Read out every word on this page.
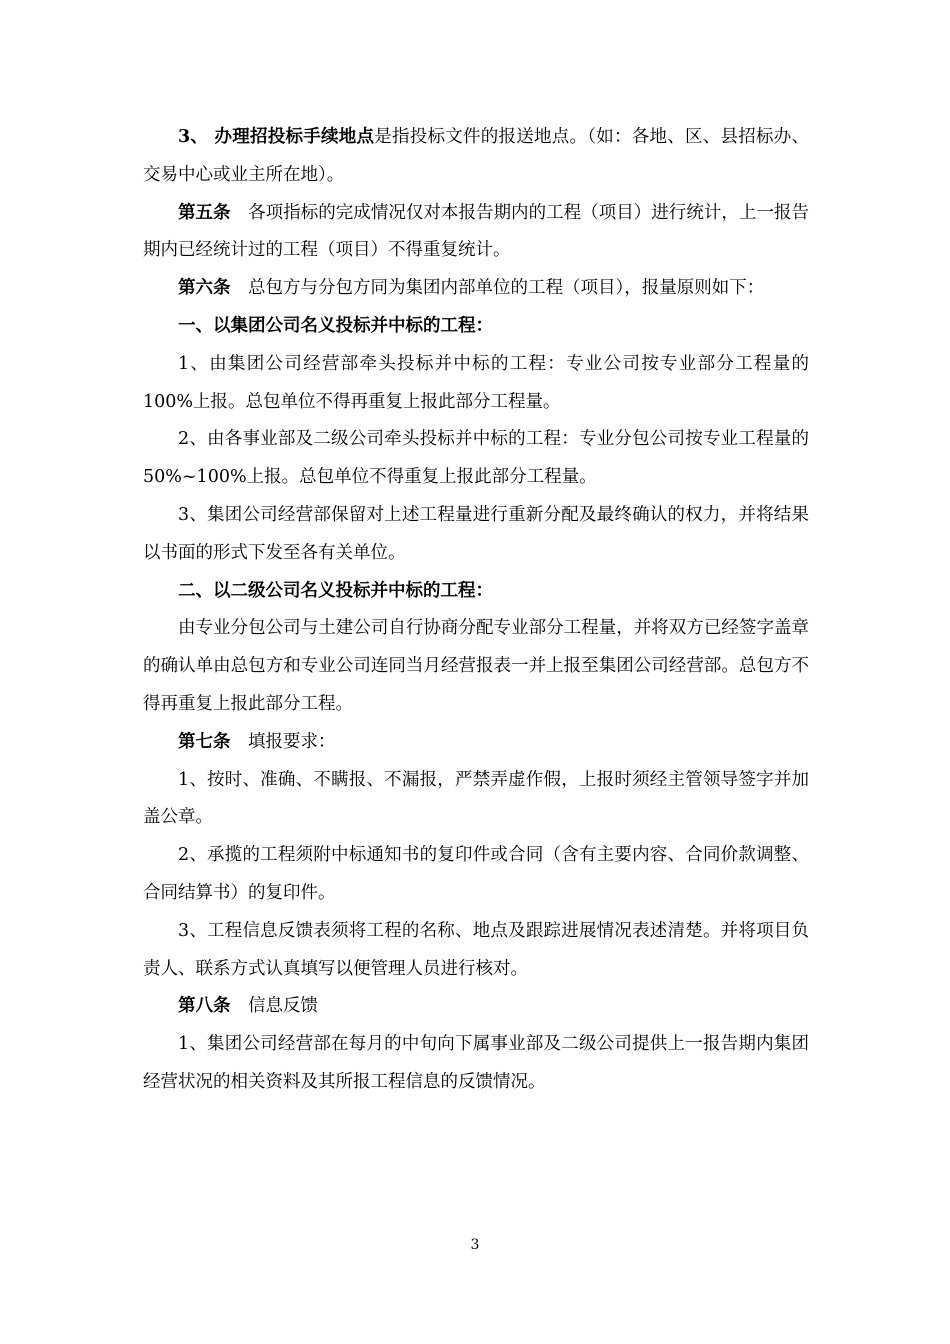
3、 办理招投标手续地点是指投标文件的报送地点。（如：各地、区、县招标办、交易中心或业主所在地）。

第五条　各项指标的完成情况仅对本报告期内的工程（项目）进行统计，上一报告期内已经统计过的工程（项目）不得重复统计。

第六条　总包方与分包方同为集团内部单位的工程（项目），报量原则如下：

一、以集团公司名义投标并中标的工程：

1、由集团公司经营部牵头投标并中标的工程：专业公司按专业部分工程量的100%上报。总包单位不得再重复上报此部分工程量。

2、由各事业部及二级公司牵头投标并中标的工程：专业分包公司按专业工程量的50%~100%上报。总包单位不得重复上报此部分工程量。

3、集团公司经营部保留对上述工程量进行重新分配及最终确认的权力，并将结果以书面的形式下发至各有关单位。

二、以二级公司名义投标并中标的工程：

由专业分包公司与土建公司自行协商分配专业部分工程量，并将双方已经签字盖章的确认单由总包方和专业公司连同当月经营报表一并上报至集团公司经营部。总包方不得再重复上报此部分工程。

第七条　填报要求：

1、按时、准确、不瞒报、不漏报，严禁弄虚作假，上报时须经主管领导签字并加盖公章。

2、承揽的工程须附中标通知书的复印件或合同（含有主要内容、合同价款调整、合同结算书）的复印件。

3、工程信息反馈表须将工程的名称、地点及跟踪进展情况表述清楚。并将项目负责人、联系方式认真填写以便管理人员进行核对。

第八条　信息反馈

1、集团公司经营部在每月的中旬向下属事业部及二级公司提供上一报告期内集团经营状况的相关资料及其所报工程信息的反馈情况。

3
